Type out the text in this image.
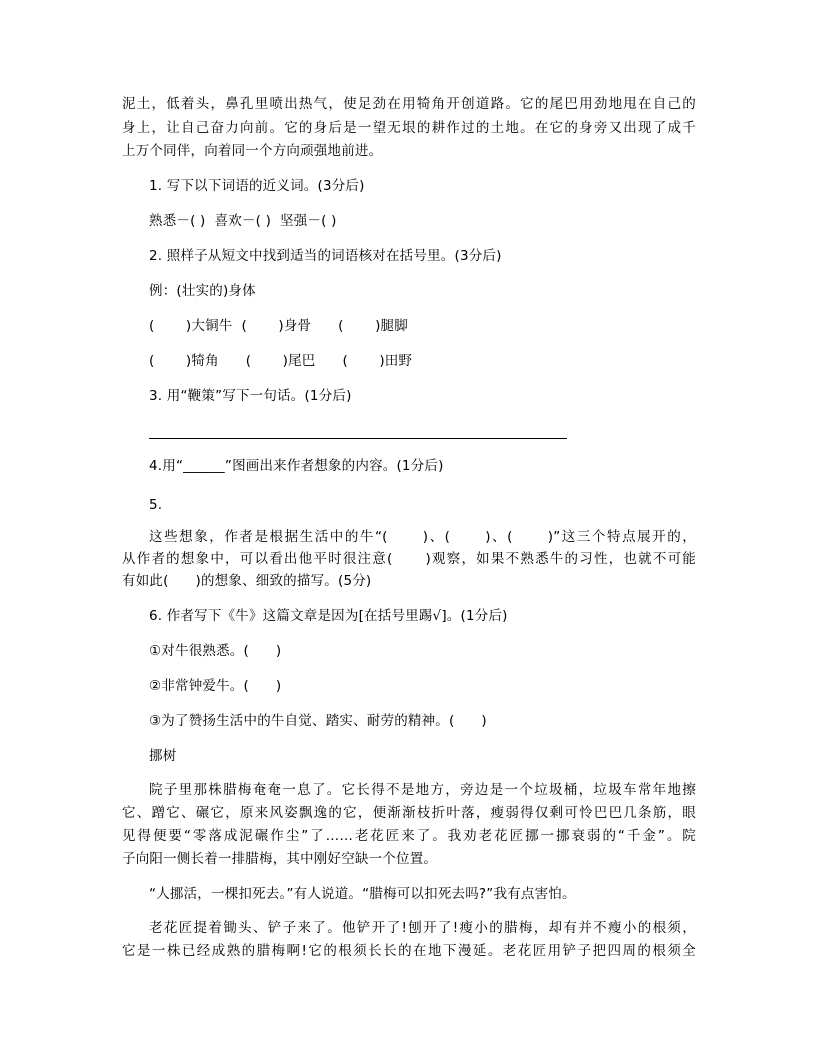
泥土，低着头，鼻孔里喷出热气，使足劲在用犄角开创道路。它的尾巴用劲地甩在自己的
身上，让自己奋力向前。它的身后是一望无垠的耕作过的土地。在它的身旁又出现了成千
上万个同伴，向着同一个方向顽强地前进。
1. 写下以下词语的近义词。(3分后)
熟悉－( )  喜欢－( )  坚强－( )
2. 照样子从短文中找到适当的词语核对在括号里。(3分后)
例：(壮实的)身体
(       )大铜牛  (       )身骨      (       )腿脚
(       )犄角      (       )尾巴      (       )田野
3. 用“鞭策”写下一句话。(1分后)
4.用“______”图画出来作者想象的内容。(1分后)
5.
这些想象，作者是根据生活中的牛“(      )、(      )、(      )”这三个特点展开的，
从作者的想象中，可以看出他平时很注意(      )观察，如果不熟悉牛的习性，也就不可能
有如此(      )的想象、细致的描写。(5分)
6. 作者写下《牛》这篇文章是因为[在括号里踢√]。(1分后)
①对牛很熟悉。(      )
②非常钟爱牛。(      )
③为了赞扬生活中的牛自觉、踏实、耐劳的精神。(      )
挪树
院子里那株腊梅奄奄一息了。它长得不是地方，旁边是一个垃圾桶，垃圾车常年地擦
它、蹭它、碾它，原来风姿飘逸的它，便渐渐枝折叶落，瘦弱得仅剩可怜巴巴几条筋，眼
见得便要“零落成泥碾作尘”了……老花匠来了。我劝老花匠挪一挪衰弱的“千金”。院
子向阳一侧长着一排腊梅，其中刚好空缺一个位置。
“人挪活，一棵扣死去。”有人说道。“腊梅可以扣死去吗?”我有点害怕。
老花匠提着锄头、铲子来了。他铲开了!刨开了!瘦小的腊梅，却有并不瘦小的根须，
它是一株已经成熟的腊梅啊!它的根须长长的在地下漫延。老花匠用铲子把四周的根须全
